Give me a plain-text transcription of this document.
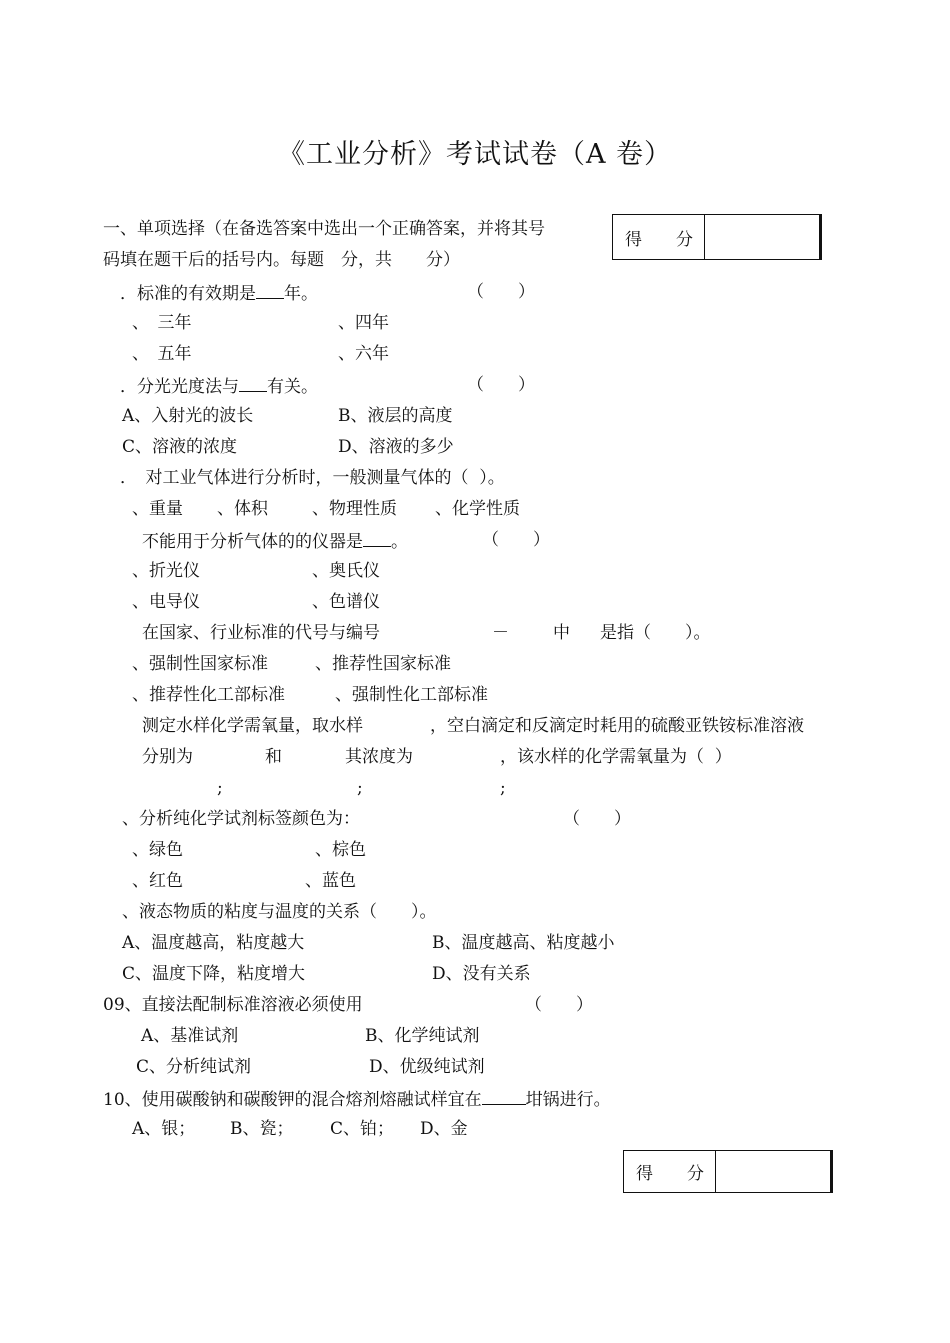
《工业分析》考试试卷（A 卷）
一、单项选择（在备选答案中选出一个正确答案，并将其号
码填在题干后的括号内。每题　分，共　　分）
得　　分
．标准的有效期是 年。	（　　）
、　三年	、四年
、　五年	、六年
．分光光度法与 有关。	（　　）
A、入射光的波长	B、液层的高度
C、溶液的浓度	D、溶液的多少
．　对工业气体进行分析时，一般测量气体的（  ）。
、重量 、体积	、物理性质 、化学性质
不能用于分析气体的的仪器是 。	（　　）
、折光仪	、奥氏仪
、电导仪	、色谱仪
在国家、行业标准的代号与编号	－	中 是指（　　）。
、强制性国家标准	、推荐性国家标准
、推荐性化工部标准	、强制性化工部标准
测定水样化学需氧量，取水样	，空白滴定和反滴定时耗用的硫酸亚铁铵标准溶液
分别为	和	其浓度为	，该水样的化学需氧量为（  ）
;	;	;
、分析纯化学试剂标签颜色为：	（　　）
、绿色	、棕色
、红色	、蓝色
、液态物质的粘度与温度的关系（　　）。
A、温度越高，粘度越大	B、温度越高、粘度越小
C、温度下降，粘度增大	D、没有关系
09、直接法配制标准溶液必须使用	（　　）
A、基准试剂	B、化学纯试剂
C、分析纯试剂	D、优级纯试剂
10、使用碳酸钠和碳酸钾的混合熔剂熔融试样宜在	坩锅进行。
A、银； B、瓷； C、铂； D、金
得　　分
